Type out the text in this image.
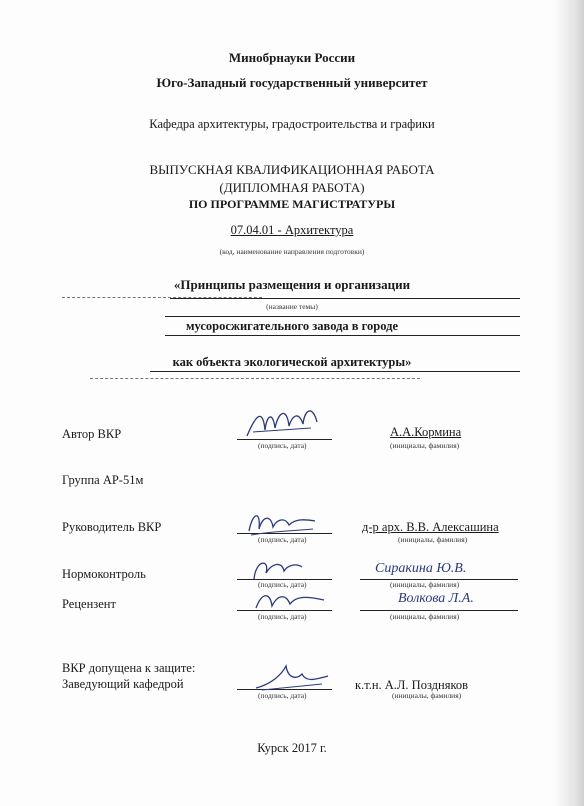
Минобрнауки России
Юго-Западный государственный университет
Кафедра архитектуры, градостроительства и графики
ВЫПУСКНАЯ КВАЛИФИКАЦИОННАЯ РАБОТА
(ДИПЛОМНАЯ РАБОТА)
ПО ПРОГРАММЕ МАГИСТРАТУРЫ
07.04.01 - Архитектура
(код, наименование направления подготовки)
«Принципы размещения и организации
(название темы)
мусоросжигательного завода в городе
как объекта экологической архитектуры»
Автор ВКР
(подпись, дата)
А.А.Кормина
(инициалы, фамилия)
Группа АР-51м
Руководитель ВКР
(подпись, дата)
д-р арх. В.В. Алексашина
(инициалы, фамилия)
Нормоконтроль
(подпись, дата)
Сиракина Ю.В.
(инициалы, фамилия)
Рецензент
(подпись, дата)
Волкова Л.А.
(инициалы, фамилия)
ВКР допущена к защите:
Заведующий кафедрой
(подпись, дата)
к.т.н. А.Л. Поздняков
(инициалы, фамилия)
Курск 2017 г.
